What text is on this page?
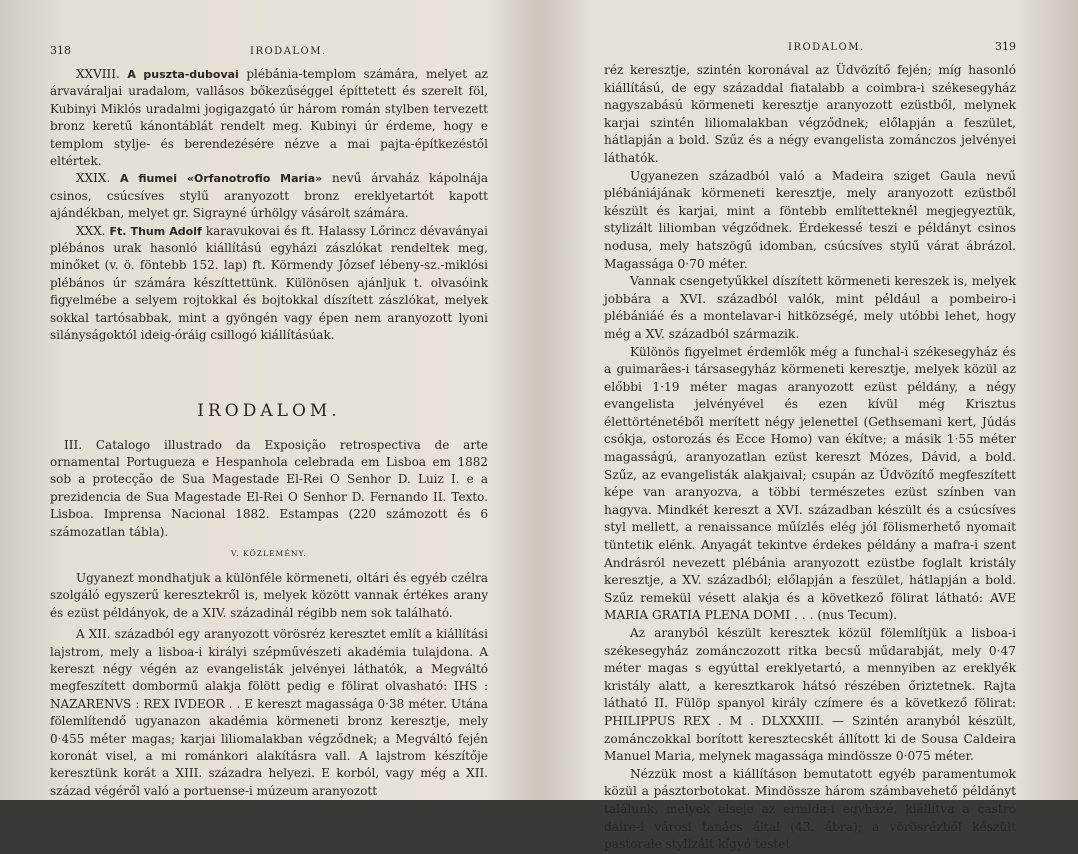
318	IRODALOM.

XXVIII. A puszta-dubovai plébánia-templom számára, melyet az árvaváraljai uradalom, vallásos bőkezűséggel építtetett és szerelt föl, Kubinyi Miklós uradalmi jogigazgató úr három román stylben tervezett bronz keretű kánontáblát rendelt meg. Kubinyi úr érdeme, hogy e templom stylje- és berendezésére nézve a mai pajta-építkezéstől eltértek.

XXIX. A fiumei «Orfanotrofio Maria» nevű árvaház kápolnája csinos, csúcsíves stylű aranyozott bronz ereklyetartót kapott ajándékban, melyet gr. Sigrayné úrhölgy vásárolt számára.

XXX. Ft. Thum Adolf karavukovai és ft. Halassy Lőrincz dévaványai plébános urak hasonló kiállítású egyházi zászlókat rendeltek meg, minőket (v. ö. föntebb 152. lap) ft. Körmendy József lébeny-sz.-miklósi plébános úr számára készíttettünk. Különösen ajánljuk t. olvasóink figyelmébe a selyem rojtokkal és bojtokkal díszített zászlókat, melyek sokkal tartósabbak, mint a gyöngén vagy épen nem aranyozott lyoni silányságoktól ideig-óráig csillogó kiállításúak.

IRODALOM.

III. Catalogo illustrado da Exposição retrospectiva de arte ornamental Portugueza e Hespanhola celebrada em Lisboa em 1882 sob a protecção de Sua Magestade El-Rei O Senhor D. Luiz I. e a prezidencia de Sua Magestade El-Rei O Senhor D. Fernando II. Texto. Lisboa. Imprensa Nacional 1882. Estampas (220 számozott és 6 számozatlan tábla).

V. KÖZLEMÉNY.

Ugyanezt mondhatjuk a különféle körmeneti, oltári és egyéb czélra szolgáló egyszerű keresztekről is, melyek között vannak értékes arany és ezüst példányok, de a XIV. századinál régibb nem sok található.

A XII. századból egy aranyozott vörösréz keresztet említ a kiállítási lajstrom, mely a lisboa-i királyi szépművészeti akadémia tulajdona. A kereszt négy végén az evangelisták jelvényei láthatók, a Megváltó megfeszített dombormű alakja fölött pedig e fölirat olvasható: IHS : NAZARENVS : REX IVDEOR . . E kereszt magassága 0·38 méter. Utána fölemlítendő ugyanazon akadémia körmeneti bronz keresztje, mely 0·455 méter magas; karjai liliomalakban végződnek; a Megváltó fején koronát visel, a mi románkori alakításra vall. A lajstrom készítője keresztünk korát a XIII. századra helyezi. E korból, vagy még a XII. század végéről való a portuense-i múzeum aranyozott

IRODALOM.	319

réz keresztje, szintén koronával az Üdvözítő fején; míg hasonló kiállítású, de egy századdal fiatalabb a coimbra-i székesegyház nagyszabású körmeneti keresztje aranyozott ezüstből, melynek karjai szintén liliomalakban végződnek; előlapján a feszület, hátlapján a bold. Szűz és a négy evangelista zománczos jelvényei láthatók.

Ugyanezen századból való a Madeira sziget Gaula nevű plébániájának körmeneti keresztje, mely aranyozott ezüstből készült és karjai, mint a föntebb említetteknél megjegyeztük, stylizált liliomban végződnek. Érdekessé teszi e példányt csinos nodusa, mely hatszögű idomban, csúcsíves stylű várat ábrázol. Magassága 0·70 méter.

Vannak csengetyűkkel díszített körmeneti kereszek is, melyek jobbára a XVI. századból valók, mint például a pombeiro-i plébániáé és a montelavar-i hitközségé, mely utóbbi lehet, hogy még a XV. századból származik.

Különös figyelmet érdemlők még a funchal-i székesegyház és a guimarães-i társasegyház körmeneti keresztje, melyek közül az előbbi 1·19 méter magas aranyozott ezüst példány, a négy evangelista jelvényével és ezen kívül még Krisztus élettörténetéből merített négy jelenettel (Gethsemani kert, Júdás csókja, ostorozás és Ecce Homo) van ékítve; a másik 1·55 méter magasságú, aranyozatlan ezüst kereszt Mózes, Dávid, a bold. Szűz, az evangelisták alakjaival; csupán az Üdvözítő megfeszített képe van aranyozva, a többi természetes ezüst színben van hagyva. Mindkét kereszt a XVI. században készült és a csúcsíves styl mellett, a renaissance műízlés elég jól fölismerhető nyomait tüntetik elénk. Anyagát tekintve érdekes példány a mafra-i szent Andrásról nevezett plébánia aranyozott ezüstbe foglalt kristály keresztje, a XV. századból; előlapján a feszület, hátlapján a bold. Szűz remekül vésett alakja és a következő fölirat látható: AVE MARIA GRATIA PLENA DOMI . . . (nus Tecum).

Az aranyból készült keresztek közül fölemlítjük a lisboa-i székesegyház zománczozott ritka becsű műdarabját, mely 0·47 méter magas s egyúttal ereklyetartó, a mennyiben az ereklyék kristály alatt, a keresztkarok hátsó részében őriztetnek. Rajta látható II. Fülöp spanyol király czímere és a következő fölirat: PHILIPPUS REX . M . DLXXXIII. — Szintén aranyból készült, zománczokkal borított keresztecskét állított ki de Sousa Caldeira Manuel Maria, melynek magassága mindössze 0·075 méter.

Nézzük most a kiállításon bemutatott egyéb paramentumok közül a pásztorbotokat. Mindössze három számbavehető példányt találunk, melyek elseje az ermida-i egyházé, kiállítva a castro daire-i városi tanács által (43. ábra); a vörösrézből készült pastorale stylizált kígyó testet
